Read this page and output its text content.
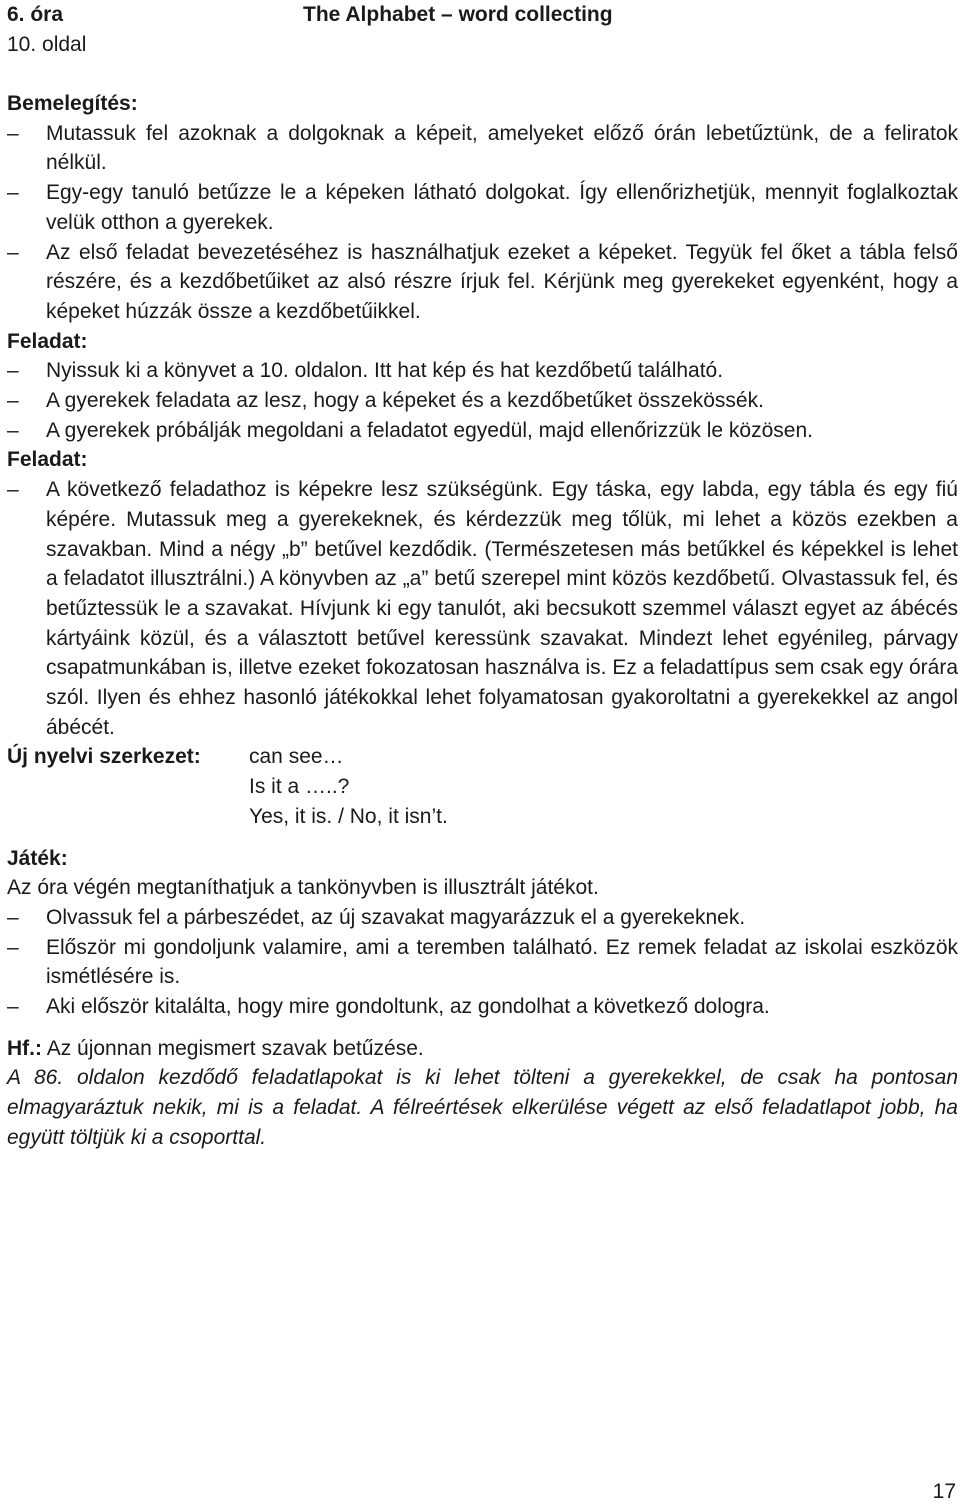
6. óra	The Alphabet – word collecting
10. oldal
Bemelegítés:
– Mutassuk fel azoknak a dolgoknak a képeit, amelyeket előző órán lebetűztünk, de a feliratok nélkül.
– Egy-egy tanuló betűzze le a képeken látható dolgokat. Így ellenőrizhetjük, mennyit foglalkoztak velük otthon a gyerekek.
– Az első feladat bevezetéséhez is használhatjuk ezeket a képeket. Tegyük fel őket a tábla felső részére, és a kezdőbetűiket az alsó részre írjuk fel. Kérjünk meg gyerekeket egyenként, hogy a képeket húzzák össze a kezdőbetűikkel.
Feladat:
– Nyissuk ki a könyvet a 10. oldalon. Itt hat kép és hat kezdőbetű található.
– A gyerekek feladata az lesz, hogy a képeket és a kezdőbetűket összekössék.
– A gyerekek próbálják megoldani a feladatot egyedül, majd ellenőrizzük le közösen.
Feladat:
– A következő feladathoz is képekre lesz szükségünk. Egy táska, egy labda, egy tábla és egy fiú képére. Mutassuk meg a gyerekeknek, és kérdezzük meg tőlük, mi lehet a közös ezekben a szavakban. Mind a négy „b” betűvel kezdődik. (Természetesen más betűkkel és képekkel is lehet a feladatot illusztrálni.) A könyvben az „a” betű szerepel mint közös kezdőbetű. Olvastassuk fel, és betűztessük le a szavakat. Hívjunk ki egy tanulót, aki becsukott szemmel választ egyet az ábécés kártyáink közül, és a választott betűvel keressünk szavakat. Mindezt lehet egyénileg, párvagy csapatmunkában is, illetve ezeket fokozatosan használva is. Ez a feladattípus sem csak egy órára szól. Ilyen és ehhez hasonló játékokkal lehet folyamatosan gyakoroltatni a gyerekekkel az angol ábécét.
Új nyelvi szerkezet: can see…
Is it a …..?
Yes, it is. / No, it isn’t.
Játék:
Az óra végén megtaníthatjuk a tankönyvben is illusztrált játékot.
– Olvassuk fel a párbeszédet, az új szavakat magyarázzuk el a gyerekeknek.
– Először mi gondoljunk valamire, ami a teremben található. Ez remek feladat az iskolai eszközök ismétlésére is.
– Aki először kitalálta, hogy mire gondoltunk, az gondolhat a következő dologra.
Hf.: Az újonnan megismert szavak betűzése.
A 86. oldalon kezdődő feladatlapokat is ki lehet tölteni a gyerekekkel, de csak ha pontosan elmagyaráztuk nekik, mi is a feladat. A félreértések elkerülése végett az első feladatlapot jobb, ha együtt töltjük ki a csoporttal.
17
